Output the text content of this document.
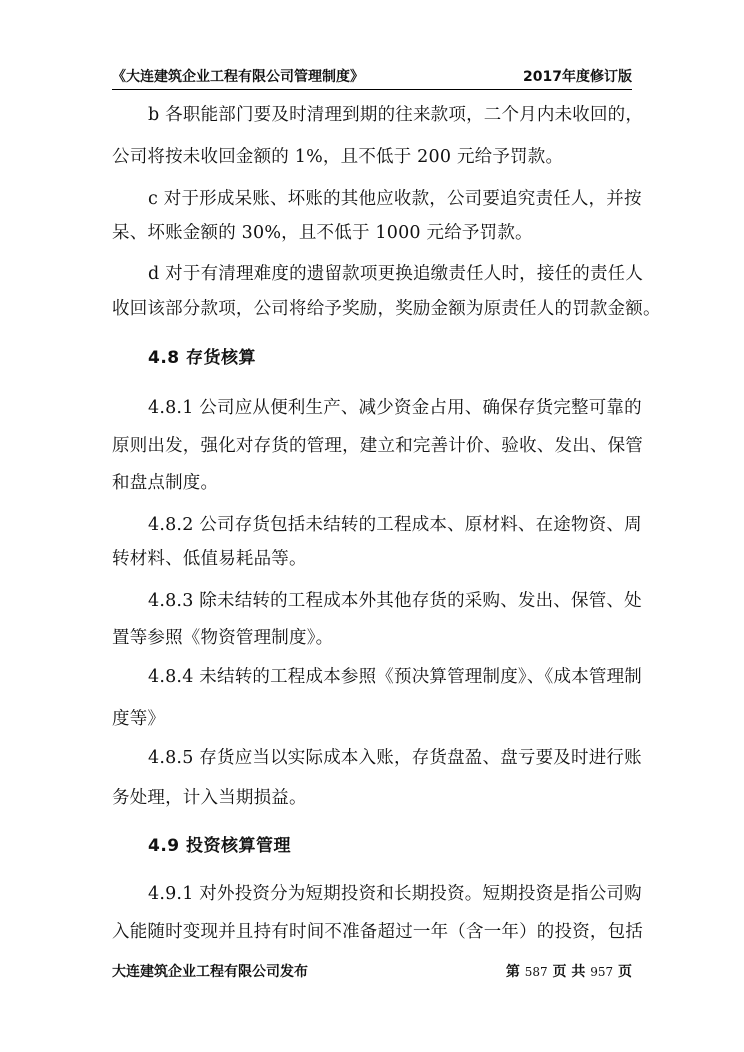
《大连建筑企业工程有限公司管理制度》	2017年度修订版
b 各职能部门要及时清理到期的往来款项，二个月内未收回的，
公司将按未收回金额的 1%，且不低于 200 元给予罚款。
c 对于形成呆账、坏账的其他应收款，公司要追究责任人，并按
呆、坏账金额的 30%，且不低于 1000 元给予罚款。
d 对于有清理难度的遗留款项更换追缴责任人时，接任的责任人
收回该部分款项，公司将给予奖励，奖励金额为原责任人的罚款金额。
4.8 存货核算
4.8.1 公司应从便利生产、减少资金占用、确保存货完整可靠的
原则出发，强化对存货的管理，建立和完善计价、验收、发出、保管
和盘点制度。
4.8.2 公司存货包括未结转的工程成本、原材料、在途物资、周
转材料、低值易耗品等。
4.8.3 除未结转的工程成本外其他存货的采购、发出、保管、处
置等参照《物资管理制度》。
4.8.4 未结转的工程成本参照《预决算管理制度》、《成本管理制
度等》
4.8.5 存货应当以实际成本入账，存货盘盈、盘亏要及时进行账
务处理，计入当期损益。
4.9 投资核算管理
4.9.1 对外投资分为短期投资和长期投资。短期投资是指公司购
入能随时变现并且持有时间不准备超过一年（含一年）的投资，包括
大连建筑企业工程有限公司发布	第 587 页 共 957 页
